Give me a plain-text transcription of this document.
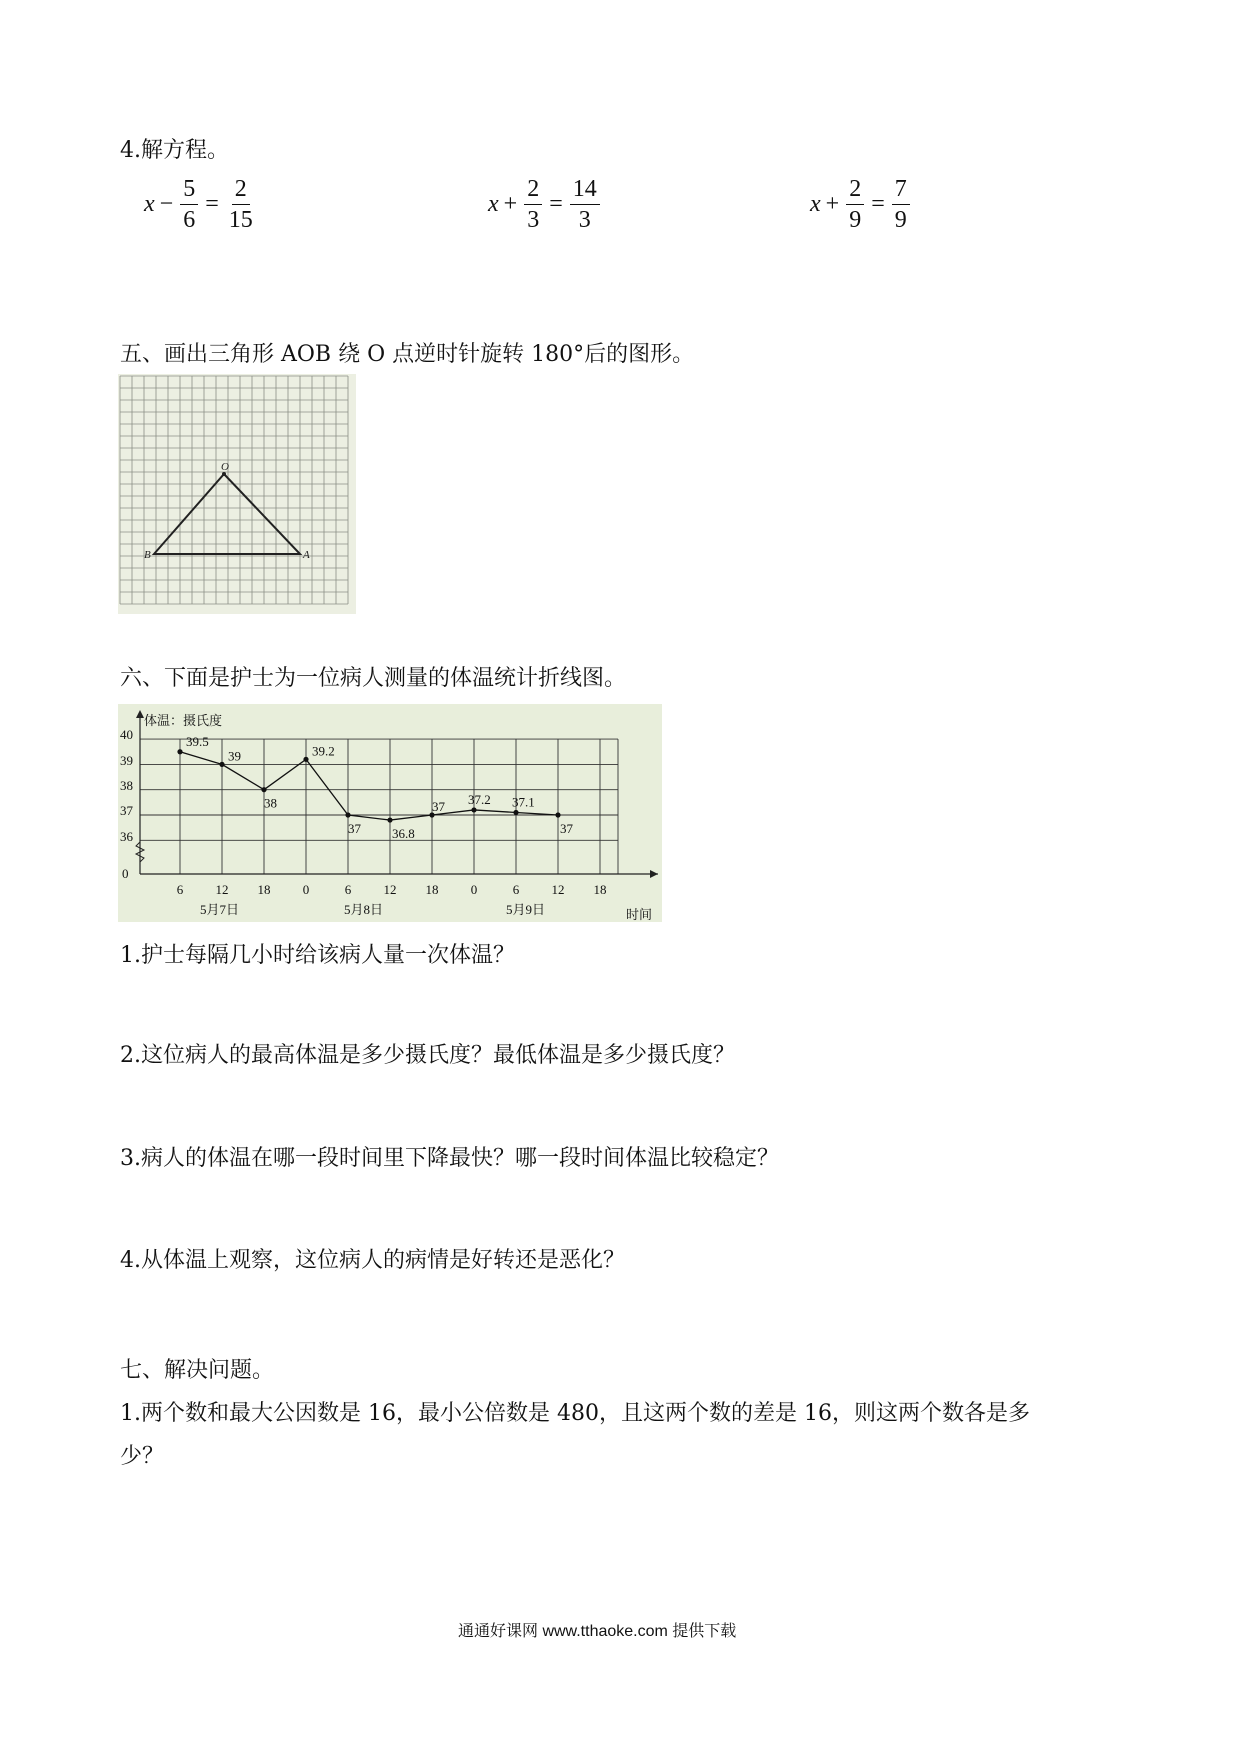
4.解方程。
$x - \frac{5}{6} = \frac{2}{15}$	$x + \frac{2}{3} = \frac{14}{3}$	$x + \frac{2}{9} = \frac{7}{9}$
五、画出三角形 AOB 绕 O 点逆时针旋转 180°后的图形。
O
B	A
六、下面是护士为一位病人测量的体温统计折线图。
体温：摄氏度
时间
40
39
38
37
36
0
6 12 18 0	6 12 18 0	6 12 18
5月7日	5月8日	5月9日
39.5
39
38
39.2
37 36.8
37 37.2 37.1
37
1.护士每隔几小时给该病人量一次体温？
2.这位病人的最高体温是多少摄氏度？最低体温是多少摄氏度？
3.病人的体温在哪一段时间里下降最快？哪一段时间体温比较稳定？
4.从体温上观察，这位病人的病情是好转还是恶化？
七、解决问题。
1.两个数和最大公因数是 16，最小公倍数是 480，且这两个数的差是 16，则这两个数各是多
少？
通通好课网 www.tthaoke.com 提供下载
